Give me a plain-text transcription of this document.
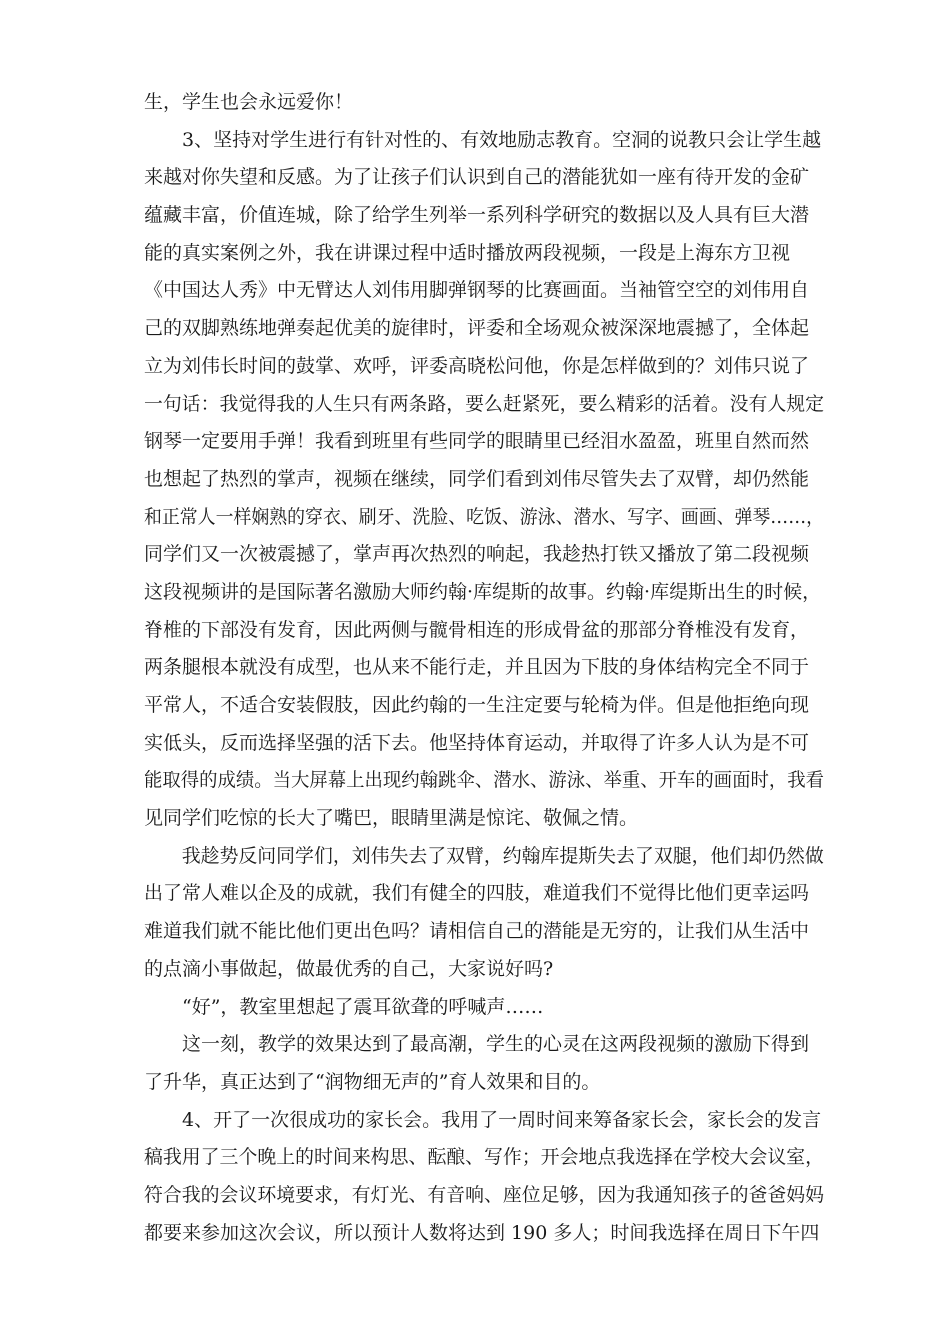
生，学生也会永远爱你！
3、坚持对学生进行有针对性的、有效地励志教育。空洞的说教只会让学生越
来越对你失望和反感。为了让孩子们认识到自己的潜能犹如一座有待开发的金矿
蕴藏丰富，价值连城，除了给学生列举一系列科学研究的数据以及人具有巨大潜
能的真实案例之外，我在讲课过程中适时播放两段视频，一段是上海东方卫视
《中国达人秀》中无臂达人刘伟用脚弹钢琴的比赛画面。当袖管空空的刘伟用自
己的双脚熟练地弹奏起优美的旋律时，评委和全场观众被深深地震撼了，全体起
立为刘伟长时间的鼓掌、欢呼，评委高晓松问他，你是怎样做到的？刘伟只说了
一句话：我觉得我的人生只有两条路，要么赶紧死，要么精彩的活着。没有人规定
钢琴一定要用手弹！我看到班里有些同学的眼睛里已经泪水盈盈，班里自然而然
也想起了热烈的掌声，视频在继续，同学们看到刘伟尽管失去了双臂，却仍然能
和正常人一样娴熟的穿衣、刷牙、洗脸、吃饭、游泳、潜水、写字、画画、弹琴……，
同学们又一次被震撼了，掌声再次热烈的响起，我趁热打铁又播放了第二段视频
这段视频讲的是国际著名激励大师约翰·库缇斯的故事。约翰·库缇斯出生的时候，
脊椎的下部没有发育，因此两侧与髋骨相连的形成骨盆的那部分脊椎没有发育，
两条腿根本就没有成型，也从来不能行走，并且因为下肢的身体结构完全不同于
平常人，不适合安装假肢，因此约翰的一生注定要与轮椅为伴。但是他拒绝向现
实低头，反而选择坚强的活下去。他坚持体育运动，并取得了许多人认为是不可
能取得的成绩。当大屏幕上出现约翰跳伞、潜水、游泳、举重、开车的画面时，我看
见同学们吃惊的长大了嘴巴，眼睛里满是惊诧、敬佩之情。
我趁势反问同学们，刘伟失去了双臂，约翰库提斯失去了双腿，他们却仍然做
出了常人难以企及的成就，我们有健全的四肢，难道我们不觉得比他们更幸运吗
难道我们就不能比他们更出色吗？请相信自己的潜能是无穷的，让我们从生活中
的点滴小事做起，做最优秀的自己，大家说好吗?
“好”，教室里想起了震耳欲聋的呼喊声……
这一刻，教学的效果达到了最高潮，学生的心灵在这两段视频的激励下得到
了升华，真正达到了“润物细无声的”育人效果和目的。
4、开了一次很成功的家长会。我用了一周时间来筹备家长会，家长会的发言
稿我用了三个晚上的时间来构思、酝酿、写作；开会地点我选择在学校大会议室，
符合我的会议环境要求，有灯光、有音响、座位足够，因为我通知孩子的爸爸妈妈
都要来参加这次会议，所以预计人数将达到 190 多人；时间我选择在周日下午四
